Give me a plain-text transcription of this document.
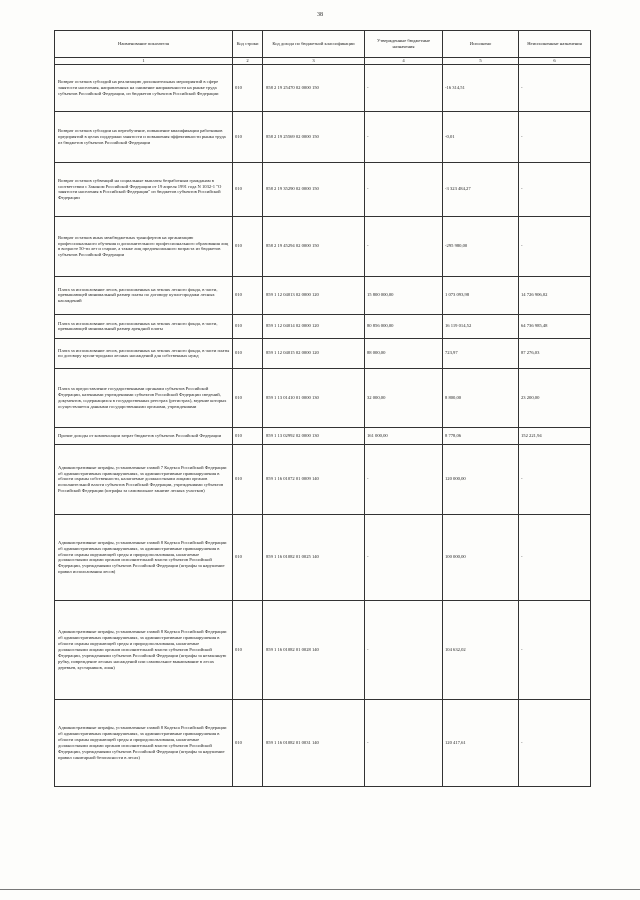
38
Наименование показателя	Код строки	Код дохода по бюджетной классификации	Утвержденные бюджетные назначения	Исполнено	Неисполненные назначения
1	2	3	4	5	6
Возврат остатков субсидий на реализацию дополнительных мероприятий в сфере занятости населения, направленных на снижение напряженности на рынке труда субъектов Российской Федерации, из бюджетов субъектов Российской Федерации	010	858 2 19 25470 02 0000 150	-	-16 314,51	-
Возврат остатков субсидии на переобучение, повышение квалификации работников предприятий в целях поддержки занятости и повышения эффективности рынка труда из бюджетов субъектов Российской Федерации	010	858 2 19 25569 02 0000 150	-	-0,01	-
Возврат остатков субвенций на социальные выплаты безработным гражданам в соответствии с Законом Российской Федерации от 19 апреля 1991 года N 1032-1 "О занятости населения в Российской Федерации" из бюджетов субъектов Российской Федерации	010	858 2 19 35290 02 0000 150	-	-3 323 484,27	-
Возврат остатков иных межбюджетных трансфертов на организацию профессионального обучения и дополнительного профессионального образования лиц в возрасте 50-ти лет и старше, а также лиц предпенсионного возраста из бюджетов субъектов Российской Федерации	010	858 2 19 45294 02 0000 150	-	-295 980,00	-
Плата за использование лесов, расположенных на землях лесного фонда, в части, превышающей минимальный размер платы по договору купли-продажи лесных насаждений	010	859 1 12 04013 02 0000 120	15 800 000,00	1 073 093,98	14 726 906,02
Плата за использование лесов, расположенных на землях лесного фонда, в части, превышающей минимальный размер арендной платы	010	859 1 12 04014 02 0000 120	80 856 000,00	16 119 014,52	64 736 985,48
Плата за использование лесов, расположенных на землях лесного фонда, в части платы по договору купли-продажи лесных насаждений для собственных нужд	010	859 1 12 04015 02 0000 120	88 000,00	723,97	87 276,03
Плата за предоставление государственными органами субъектов Российской Федерации, казенными учреждениями субъектов Российской Федерации сведений, документов, содержащихся в государственных реестрах (регистрах), ведение которых осуществляется данными государственными органами, учреждениями	010	859 1 13 01410 01 0000 130	32 000,00	8 800,00	23 200,00
Прочие доходы от компенсации затрат бюджетов субъектов Российской Федерации	010	859 1 13 02992 02 0000 130	161 000,00	8 778,06	152 221,94
Административные штрафы, установленные главой 7 Кодекса Российской Федерации об административных правонарушениях, за административные правонарушения в области охраны собственности, налагаемые должностными лицами органов исполнительной власти субъектов Российской Федерации, учреждениями субъектов Российской Федерации (штрафы за самовольное занятие лесных участков)	010	859 1 16 01072 01 0009 140	-	120 000,00	-
Административные штрафы, установленные главой 8 Кодекса Российской Федерации об административных правонарушениях, за административные правонарушения в области охраны окружающей среды и природопользования, налагаемые должностными лицами органов исполнительной власти субъектов Российской Федерации, учреждениями субъектов Российской Федерации (штрафы за нарушение правил использования лесов)	010	859 1 16 01082 01 0025 140	-	100 000,00	-
Административные штрафы, установленные главой 8 Кодекса Российской Федерации об административных правонарушениях, за административные правонарушения в области охраны окружающей среды и природопользования, налагаемые должностными лицами органов исполнительной власти субъектов Российской Федерации, учреждениями субъектов Российской Федерации (штрафы за незаконную рубку, повреждение лесных насаждений или самовольное выкапывание в лесах деревьев, кустарников, лиан)	010	859 1 16 01082 01 0028 140	-	104 632,02	-
Административные штрафы, установленные главой 8 Кодекса Российской Федерации об административных правонарушениях, за административные правонарушения в области охраны окружающей среды и природопользования, налагаемые должностными лицами органов исполнительной власти субъектов Российской Федерации, учреждениями субъектов Российской Федерации (штрафы за нарушение правил санитарной безопасности в лесах)	010	859 1 16 01082 01 0031 140	-	120 417,61	-
